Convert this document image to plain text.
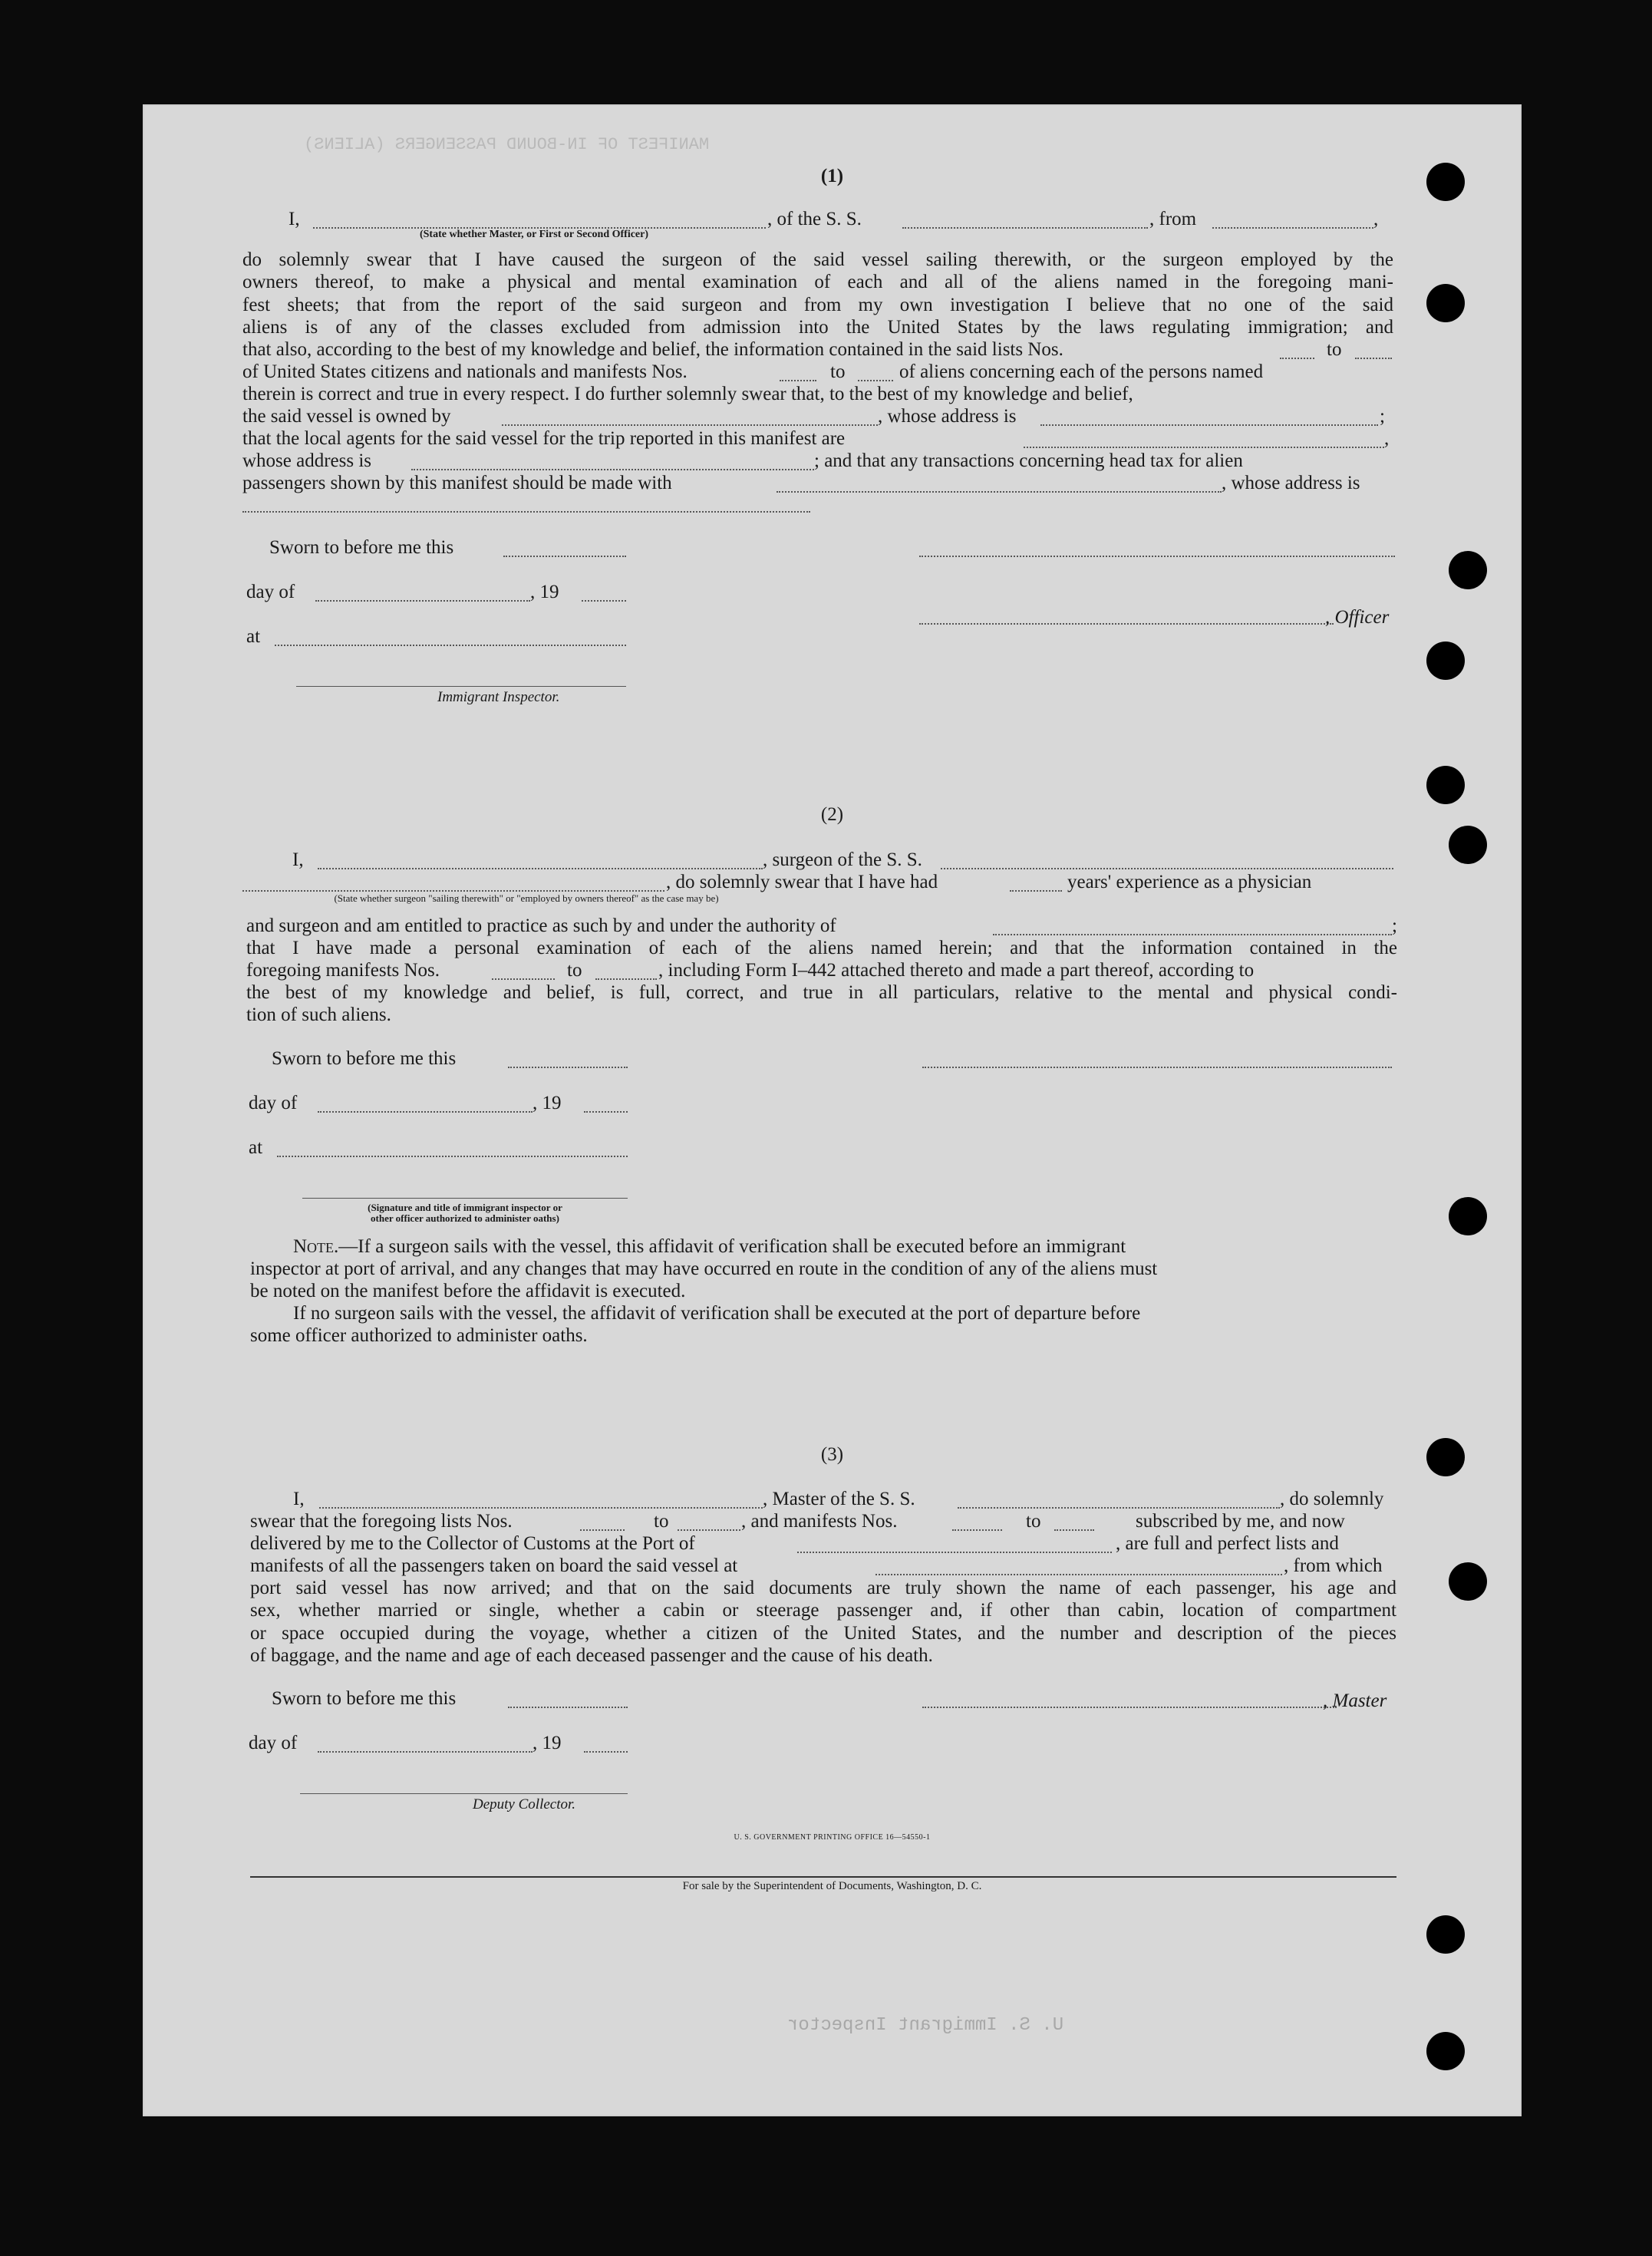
MANIFEST OF IN-BOUND PASSENGERS (ALIENS)
(1)
I,	, of the S. S.	, from	,
(State whether Master, or First or Second Officer)
do solemnly swear that I have caused the surgeon of the said vessel sailing therewith, or the surgeon employed by the
owners thereof, to make a physical and mental examination of each and all of the aliens named in the foregoing mani-
fest sheets; that from the report of the said surgeon and from my own investigation I believe that no one of the said
aliens is of any of the classes excluded from admission into the United States by the laws regulating immigration; and
that also, according to the best of my knowledge and belief, the information contained in the said lists Nos.	to
of United States citizens and nationals and manifests Nos.	to	of aliens concerning each of the persons named
therein is correct and true in every respect. I do further solemnly swear that, to the best of my knowledge and belief,
the said vessel is owned by	, whose address is	;
that the local agents for the said vessel for the trip reported in this manifest are	,
whose address is	; and that any transactions concerning head tax for alien
passengers shown by this manifest should be made with	, whose address is
Sworn to before me this
day of	, 19
at
, Officer
Immigrant Inspector.
(2)
I,	, surgeon of the S. S.
, do solemnly swear that I have had	years' experience as a physician
(State whether surgeon "sailing therewith" or "employed by owners thereof" as the case may be)
and surgeon and am entitled to practice as such by and under the authority of	;
that I have made a personal examination of each of the aliens named herein; and that the information contained in the
foregoing manifests Nos.	to	, including Form I–442 attached thereto and made a part thereof, according to
the best of my knowledge and belief, is full, correct, and true in all particulars, relative to the mental and physical condi-
tion of such aliens.
Sworn to before me this
day of	, 19
at
(Signature and title of immigrant inspector or
other officer authorized to administer oaths)
Note.—If a surgeon sails with the vessel, this affidavit of verification shall be executed before an immigrant
inspector at port of arrival, and any changes that may have occurred en route in the condition of any of the aliens must
be noted on the manifest before the affidavit is executed.
If no surgeon sails with the vessel, the affidavit of verification shall be executed at the port of departure before
some officer authorized to administer oaths.
(3)
I,	, Master of the S. S.	, do solemnly
swear that the foregoing lists Nos.	to	, and manifests Nos.	to	subscribed by me, and now
delivered by me to the Collector of Customs at the Port of	, are full and perfect lists and
manifests of all the passengers taken on board the said vessel at	, from which
port said vessel has now arrived; and that on the said documents are truly shown the name of each passenger, his age and
sex, whether married or single, whether a cabin or steerage passenger and, if other than cabin, location of compartment
or space occupied during the voyage, whether a citizen of the United States, and the number and description of the pieces
of baggage, and the name and age of each deceased passenger and the cause of his death.
Sworn to before me this	, Master
day of	, 19
Deputy Collector.
U. S. GOVERNMENT PRINTING OFFICE 16—54550-1
For sale by the Superintendent of Documents, Washington, D. C.
U. S. Immigrant Inspector
